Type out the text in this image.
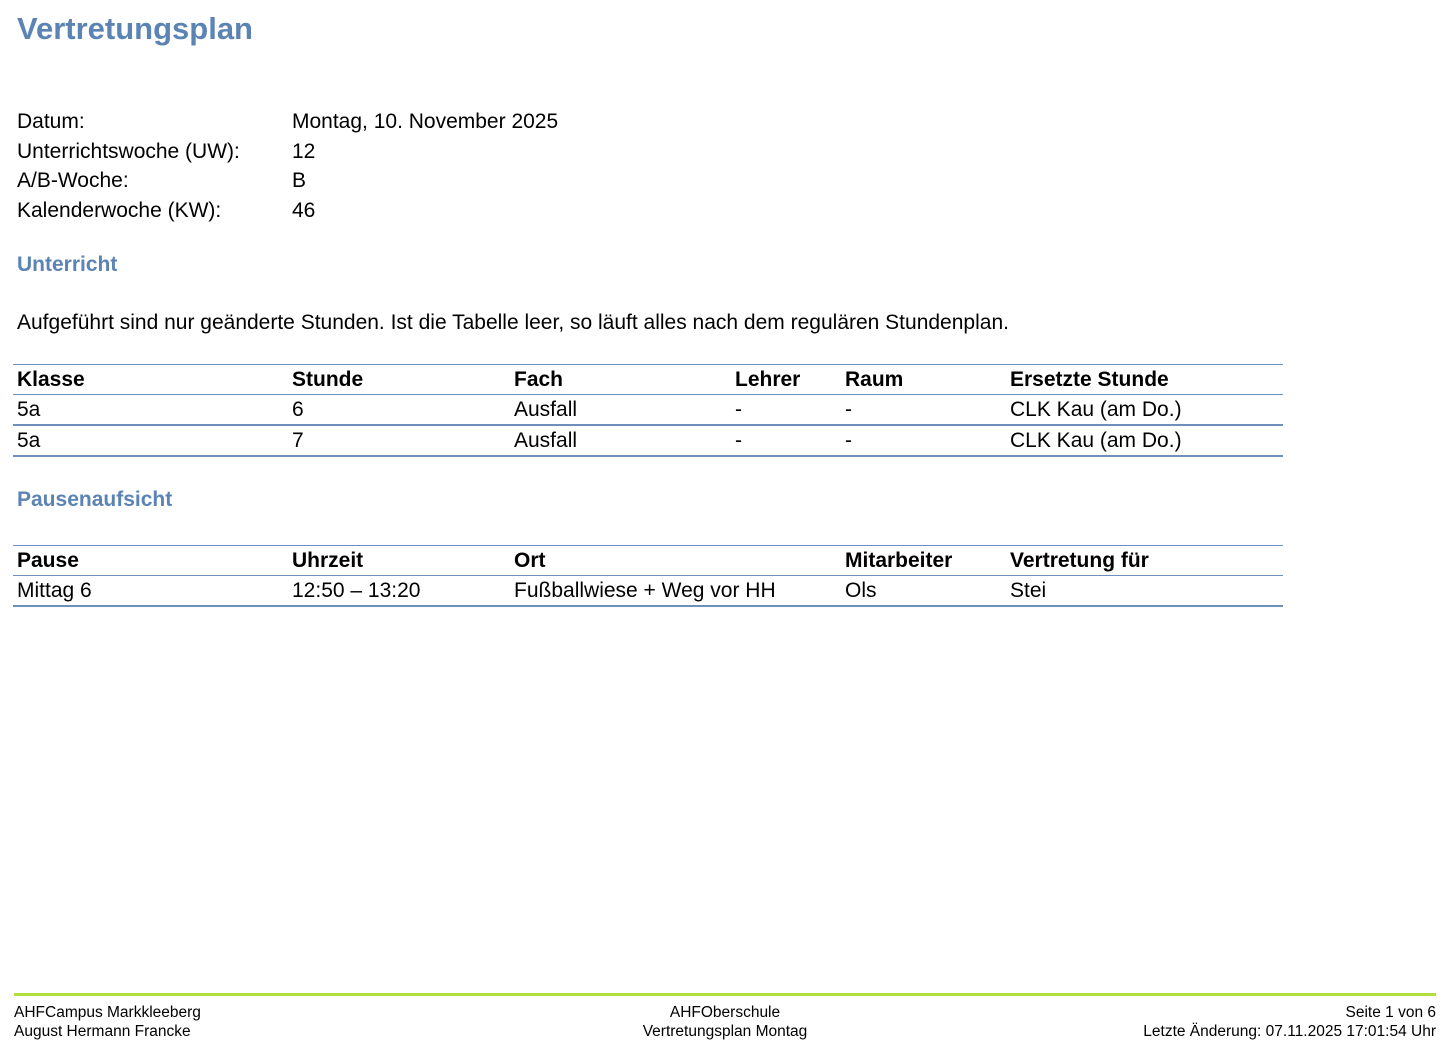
Vertretungsplan
Datum:	Montag, 10. November 2025
Unterrichtswoche (UW):	12
A/B-Woche:	B
Kalenderwoche (KW):	46
Unterricht

Aufgeführt sind nur geänderte Stunden. Ist die Tabelle leer, so läuft alles nach dem regulären Stundenplan.

Klasse	Stunde	Fach	Lehrer	Raum	Ersetzte Stunde
5a	6	Ausfall	-	-	CLK Kau (am Do.)
5a	7	Ausfall	-	-	CLK Kau (am Do.)
Pausenaufsicht
Pause	Uhrzeit	Ort	Mitarbeiter	Vertretung für
Mittag 6	12:50 – 13:20	Fußballwiese + Weg vor HH	Ols	Stei
AHFCampus Markkleeberg
August Hermann Francke
AHFOberschule
Vertretungsplan Montag
Seite 1 von 6
Letzte Änderung: 07.11.2025 17:01:54 Uhr
